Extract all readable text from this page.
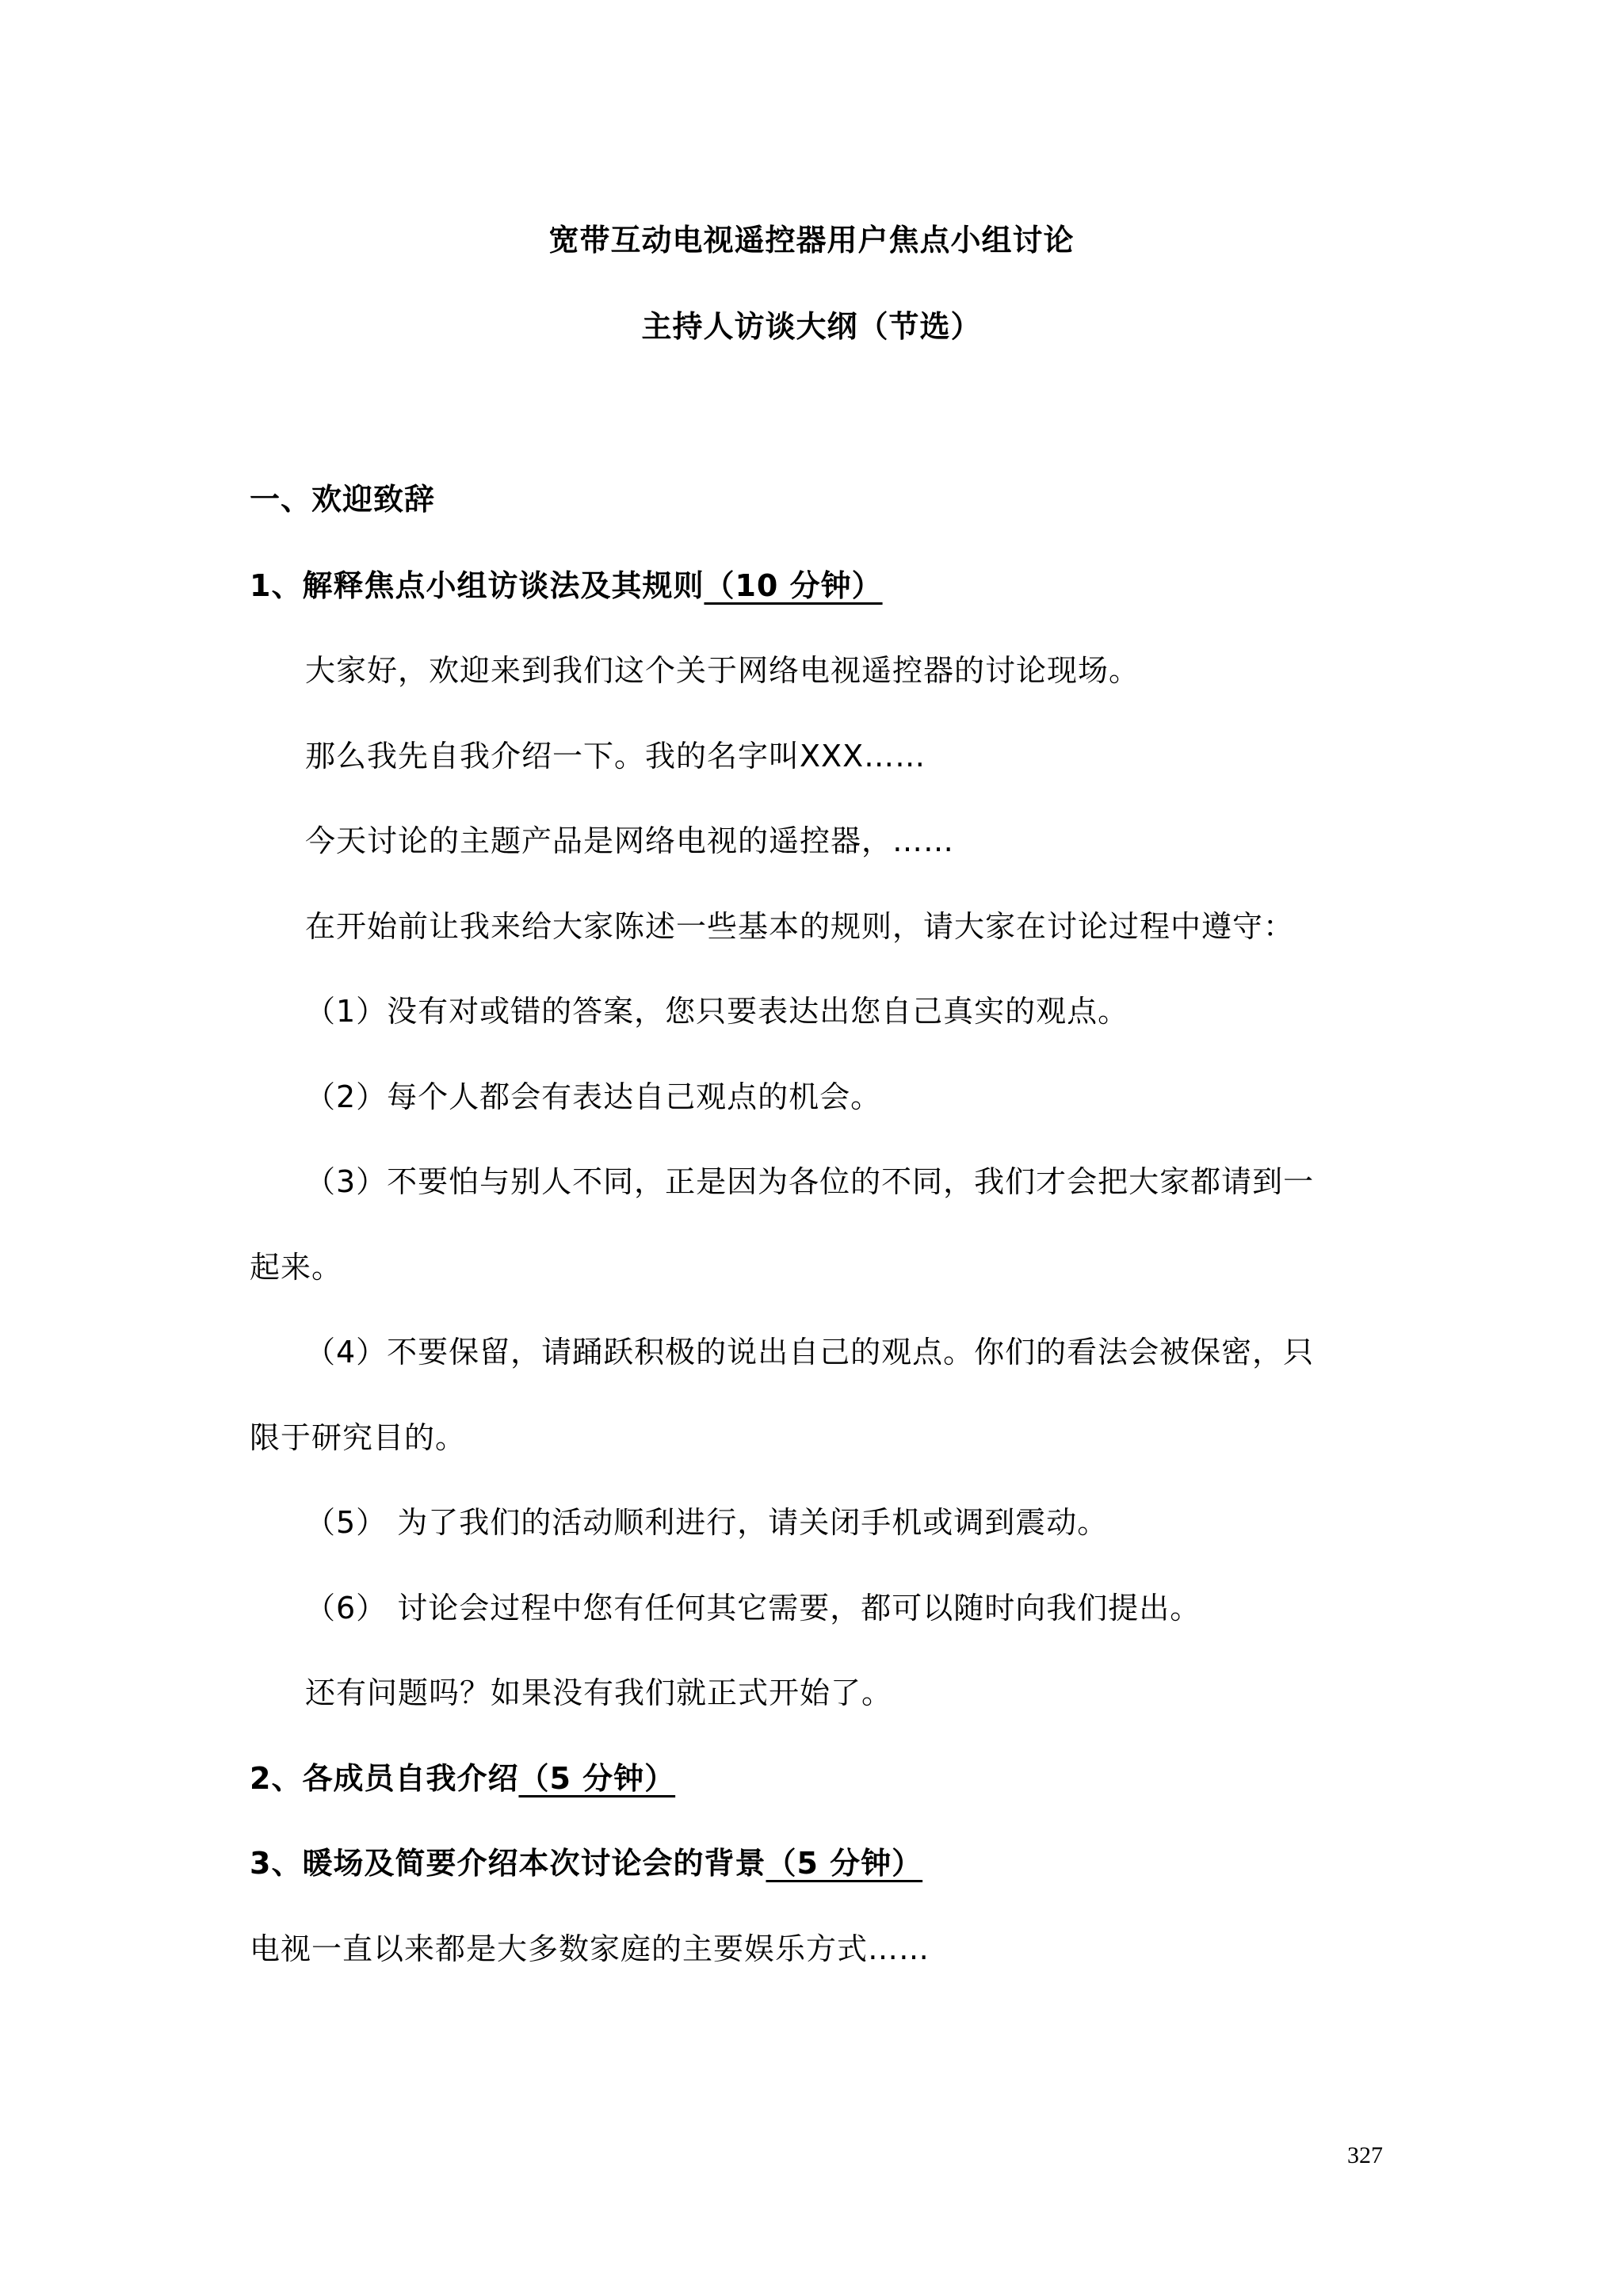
宽带互动电视遥控器用户焦点小组讨论
主持人访谈大纲（节选）
一、欢迎致辞
1、解释焦点小组访谈法及其规则（10 分钟）
大家好，欢迎来到我们这个关于网络电视遥控器的讨论现场。
那么我先自我介绍一下。我的名字叫XXX……
今天讨论的主题产品是网络电视的遥控器，……
在开始前让我来给大家陈述一些基本的规则，请大家在讨论过程中遵守：
（1）没有对或错的答案，您只要表达出您自己真实的观点。
（2）每个人都会有表达自己观点的机会。
（3）不要怕与别人不同，正是因为各位的不同，我们才会把大家都请到一
起来。
（4）不要保留，请踊跃积极的说出自己的观点。你们的看法会被保密，只
限于研究目的。
（5） 为了我们的活动顺利进行，请关闭手机或调到震动。
（6） 讨论会过程中您有任何其它需要，都可以随时向我们提出。
还有问题吗？如果没有我们就正式开始了。
2、各成员自我介绍（5 分钟）
3、暖场及简要介绍本次讨论会的背景（5 分钟）
电视一直以来都是大多数家庭的主要娱乐方式……
327
